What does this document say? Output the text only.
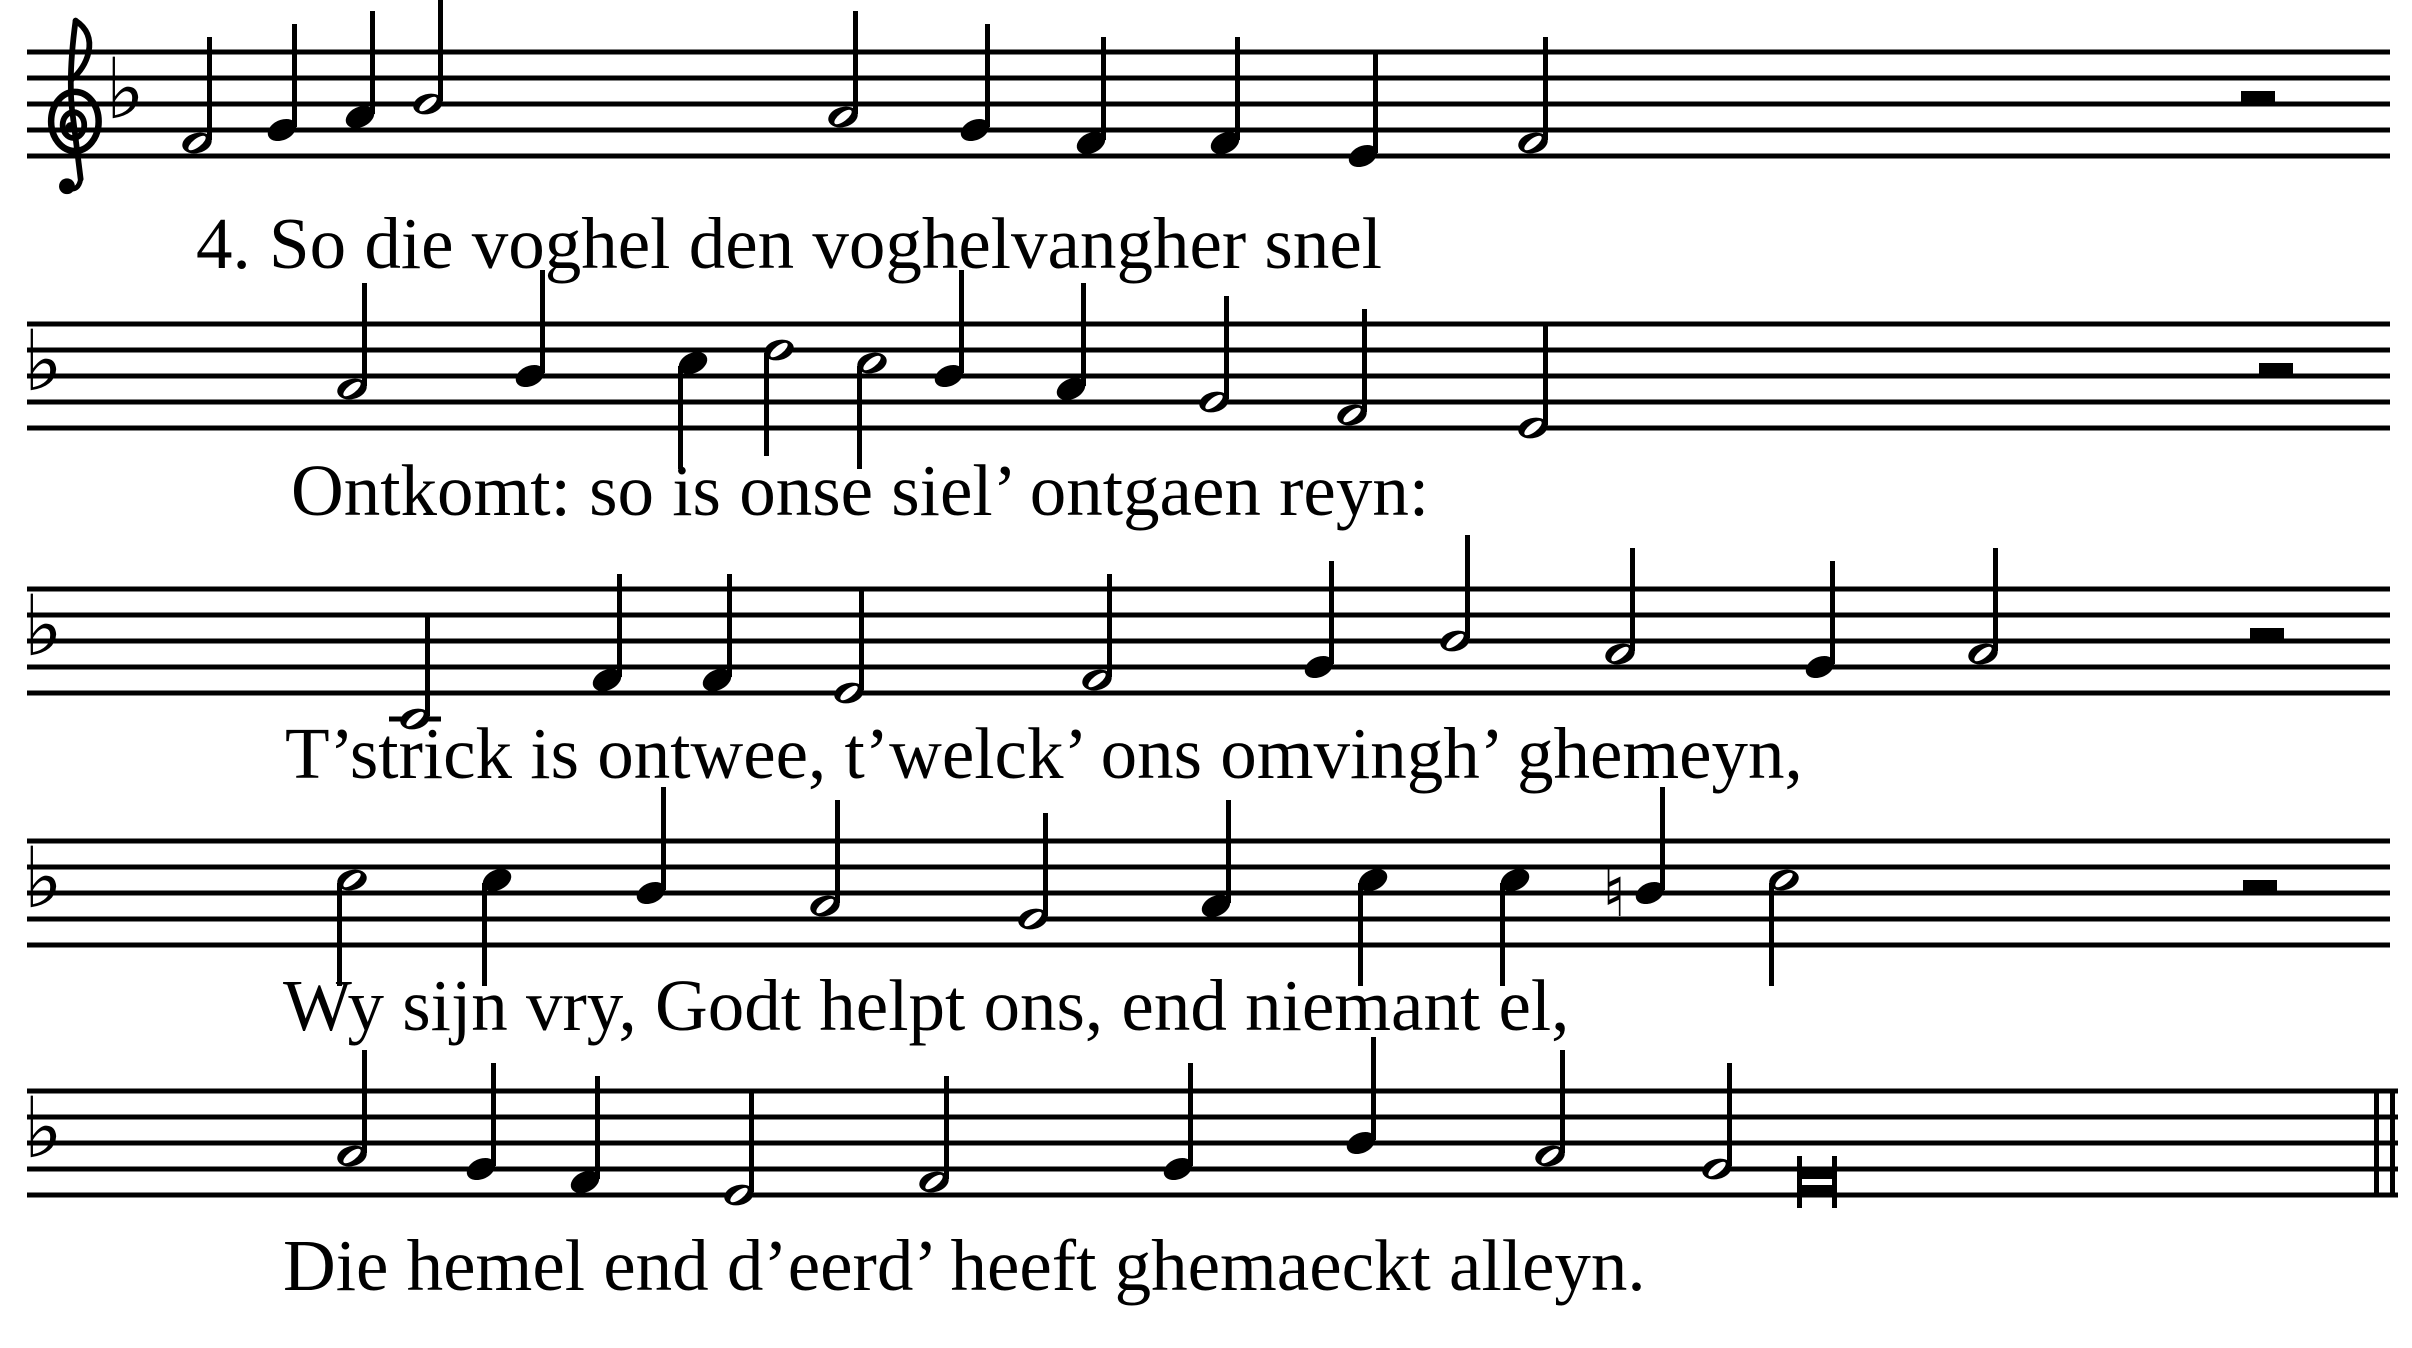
♭
♭
♭
♭	♮
♭
4. So die voghel den voghelvangher snel
Ontkomt: so is onse siel’ ontgaen reyn:
T’strick is ontwee, t’welck’ ons omvingh’ ghemeyn,
Wy sijn vry, Godt helpt ons, end niemant el,
Die hemel end d’eerd’ heeft ghemaeckt alleyn.
